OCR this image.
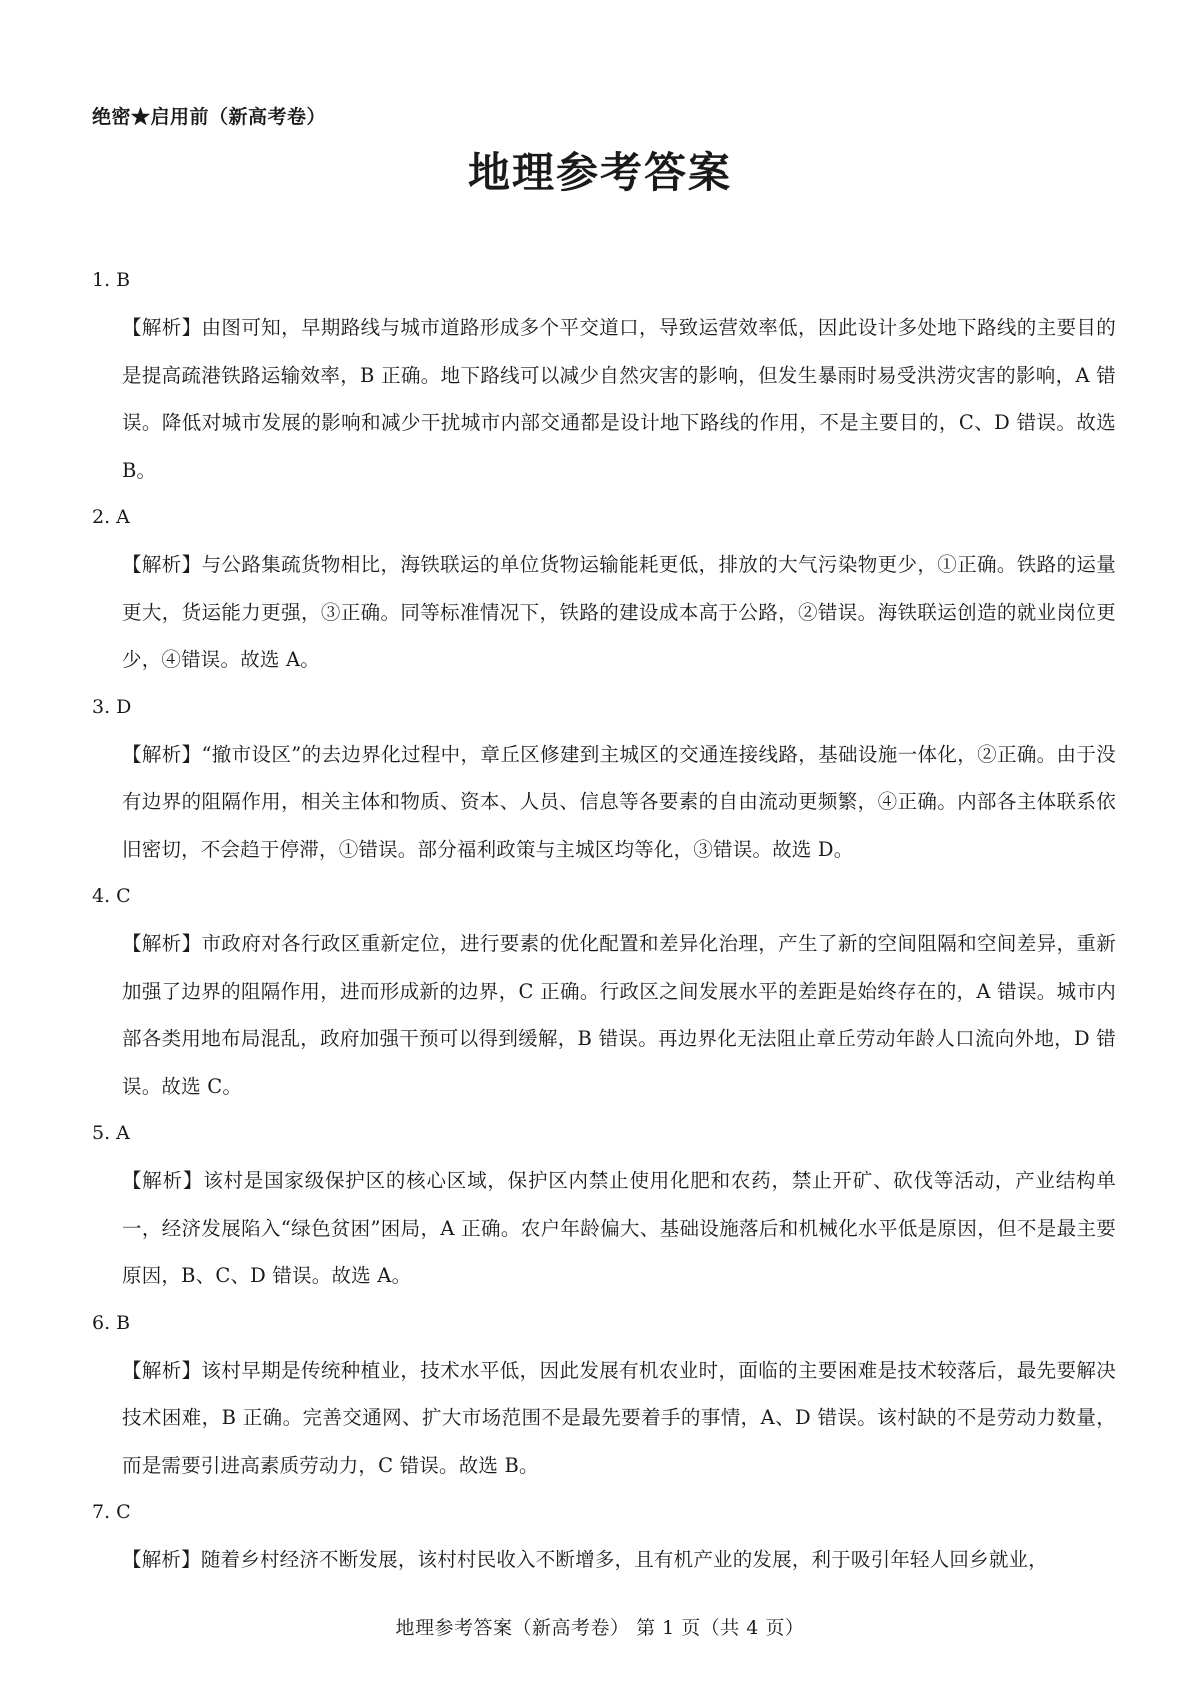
绝密★启用前（新高考卷）
地理参考答案
1. B

【解析】由图可知，早期路线与城市道路形成多个平交道口，导致运营效率低，因此设计多处地下路线的主要目的是提高疏港铁路运输效率，B 正确。地下路线可以减少自然灾害的影响，但发生暴雨时易受洪涝灾害的影响，A 错误。降低对城市发展的影响和减少干扰城市内部交通都是设计地下路线的作用，不是主要目的，C、D 错误。故选 B。

2. A

【解析】与公路集疏货物相比，海铁联运的单位货物运输能耗更低，排放的大气污染物更少，①正确。铁路的运量更大，货运能力更强，③正确。同等标准情况下，铁路的建设成本高于公路，②错误。海铁联运创造的就业岗位更少，④错误。故选 A。

3. D

【解析】“撤市设区”的去边界化过程中，章丘区修建到主城区的交通连接线路，基础设施一体化，②正确。由于没有边界的阻隔作用，相关主体和物质、资本、人员、信息等各要素的自由流动更频繁，④正确。内部各主体联系依旧密切，不会趋于停滞，①错误。部分福利政策与主城区均等化，③错误。故选 D。

4. C

【解析】市政府对各行政区重新定位，进行要素的优化配置和差异化治理，产生了新的空间阻隔和空间差异，重新加强了边界的阻隔作用，进而形成新的边界，C 正确。行政区之间发展水平的差距是始终存在的，A 错误。城市内部各类用地布局混乱，政府加强干预可以得到缓解，B 错误。再边界化无法阻止章丘劳动年龄人口流向外地，D 错误。故选 C。

5. A

【解析】该村是国家级保护区的核心区域，保护区内禁止使用化肥和农药，禁止开矿、砍伐等活动，产业结构单一，经济发展陷入“绿色贫困”困局，A 正确。农户年龄偏大、基础设施落后和机械化水平低是原因，但不是最主要原因，B、C、D 错误。故选 A。

6. B

【解析】该村早期是传统种植业，技术水平低，因此发展有机农业时，面临的主要困难是技术较落后，最先要解决技术困难，B 正确。完善交通网、扩大市场范围不是最先要着手的事情，A、D 错误。该村缺的不是劳动力数量，而是需要引进高素质劳动力，C 错误。故选 B。

7. C

【解析】随着乡村经济不断发展，该村村民收入不断增多，且有机产业的发展，利于吸引年轻人回乡就业，

地理参考答案（新高考卷） 第 1 页（共 4 页）
